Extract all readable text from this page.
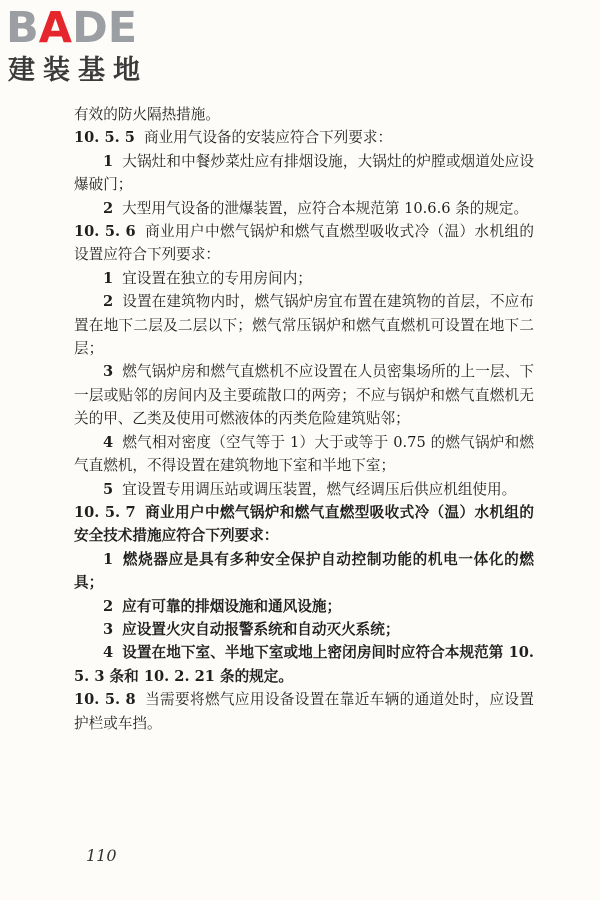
BADE
建装基地

有效的防火隔热措施。

10. 5. 5 商业用气设备的安装应符合下列要求：

1 大锅灶和中餐炒菜灶应有排烟设施，大锅灶的炉膛或烟道处应设爆破门；

2 大型用气设备的泄爆装置，应符合本规范第 10.6.6 条的规定。

10. 5. 6 商业用户中燃气锅炉和燃气直燃型吸收式冷（温）水机组的设置应符合下列要求：

1 宜设置在独立的专用房间内；

2 设置在建筑物内时，燃气锅炉房宜布置在建筑物的首层，不应布置在地下二层及二层以下；燃气常压锅炉和燃气直燃机可设置在地下二层；

3 燃气锅炉房和燃气直燃机不应设置在人员密集场所的上一层、下一层或贴邻的房间内及主要疏散口的两旁；不应与锅炉和燃气直燃机无关的甲、乙类及使用可燃液体的丙类危险建筑贴邻；

4 燃气相对密度（空气等于 1）大于或等于 0.75 的燃气锅炉和燃气直燃机，不得设置在建筑物地下室和半地下室；

5 宜设置专用调压站或调压装置，燃气经调压后供应机组使用。

10. 5. 7 商业用户中燃气锅炉和燃气直燃型吸收式冷（温）水机组的安全技术措施应符合下列要求：

1 燃烧器应是具有多种安全保护自动控制功能的机电一体化的燃具；

2 应有可靠的排烟设施和通风设施；

3 应设置火灾自动报警系统和自动灭火系统；

4 设置在地下室、半地下室或地上密闭房间时应符合本规范第 10. 5. 3 条和 10. 2. 21 条的规定。

10. 5. 8 当需要将燃气应用设备设置在靠近车辆的通道处时，应设置护栏或车挡。

110
